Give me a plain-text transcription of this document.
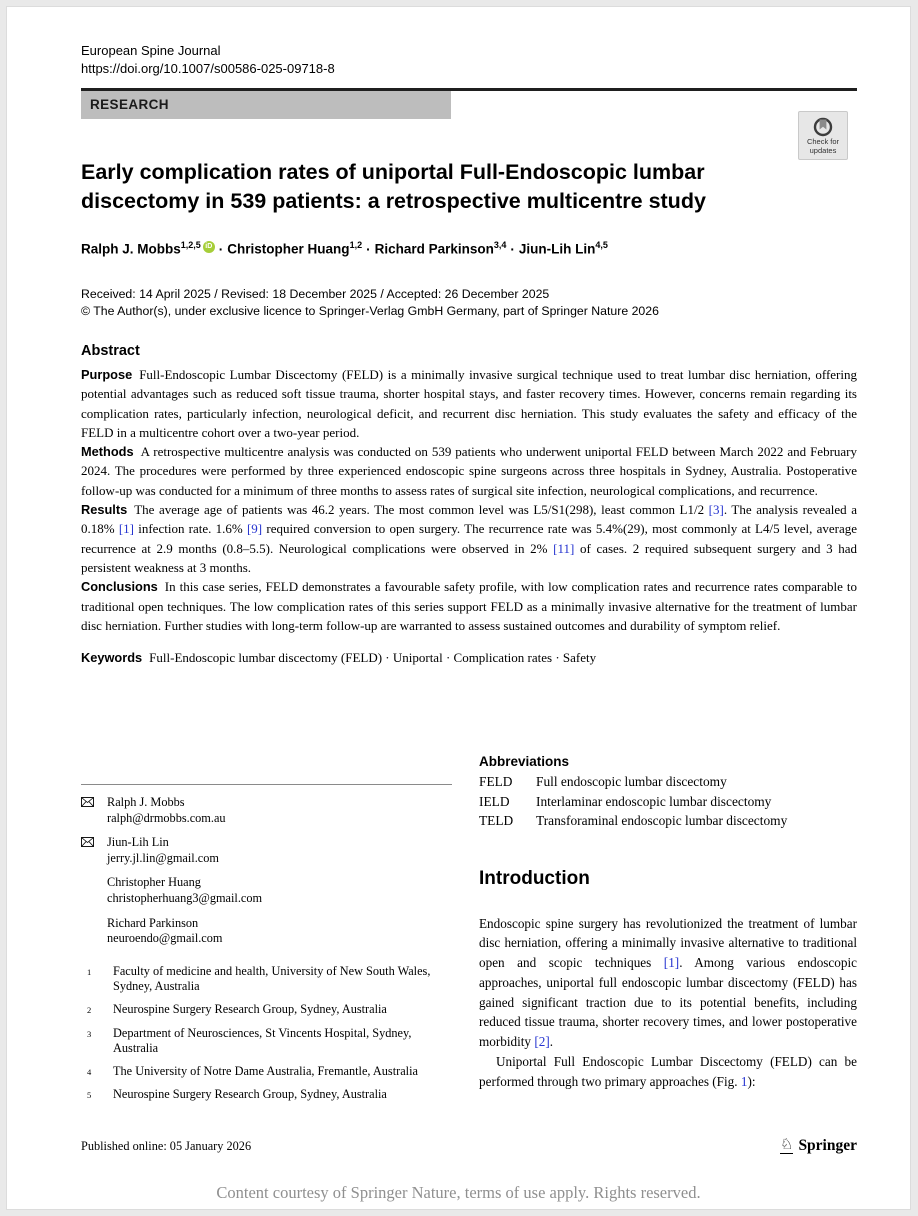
European Spine Journal
https://doi.org/10.1007/s00586-025-09718-8
RESEARCH
Check for
updates
Early complication rates of uniportal Full-Endoscopic lumbar discectomy in 539 patients: a retrospective multicentre study
Ralph J. Mobbs$^{1,2,5}$ iD · Christopher Huang$^{1,2}$ · Richard Parkinson$^{3,4}$ · Jiun-Lih Lin$^{4,5}$
Received: 14 April 2025 / Revised: 18 December 2025 / Accepted: 26 December 2025
© The Author(s), under exclusive licence to Springer-Verlag GmbH Germany, part of Springer Nature 2026
Abstract

Purpose Full-Endoscopic Lumbar Discectomy (FELD) is a minimally invasive surgical technique used to treat lumbar disc herniation, offering potential advantages such as reduced soft tissue trauma, shorter hospital stays, and faster recovery times. However, concerns remain regarding its complication rates, particularly infection, neurological deficit, and recurrent disc herniation. This study evaluates the safety and efficacy of the FELD in a multicentre cohort over a two-year period.

Methods A retrospective multicentre analysis was conducted on 539 patients who underwent uniportal FELD between March 2022 and February 2024. The procedures were performed by three experienced endoscopic spine surgeons across three hospitals in Sydney, Australia. Postoperative follow-up was conducted for a minimum of three months to assess rates of surgical site infection, neurological complications, and recurrence.

Results The average age of patients was 46.2 years. The most common level was L5/S1(298), least common L1/2 [3]. The analysis revealed a 0.18% [1] infection rate. 1.6% [9] required conversion to open surgery. The recurrence rate was 5.4%(29), most commonly at L4/5 level, average recurrence at 2.9 months (0.8–5.5). Neurological complications were observed in 2% [11] of cases. 2 required subsequent surgery and 3 had persistent weakness at 3 months.

Conclusions In this case series, FELD demonstrates a favourable safety profile, with low complication rates and recurrence rates comparable to traditional open techniques. The low complication rates of this series support FELD as a minimally invasive alternative for the treatment of lumbar disc herniation. Further studies with long-term follow-up are warranted to assess sustained outcomes and durability of symptom relief.

Keywords Full-Endoscopic lumbar discectomy (FELD) · Uniportal · Complication rates · Safety
Ralph J. Mobbs
ralph@drmobbs.com.au
Jiun-Lih Lin
jerry.jl.lin@gmail.com
Christopher Huang
christopherhuang3@gmail.com
Richard Parkinson
neuroendo@gmail.com
1	Faculty of medicine and health, University of New South Wales, Sydney, Australia
2	Neurospine Surgery Research Group, Sydney, Australia
3	Department of Neurosciences, St Vincents Hospital, Sydney, Australia
4	The University of Notre Dame Australia, Fremantle, Australia
5	Neurospine Surgery Research Group, Sydney, Australia
Abbreviations
FELD	Full endoscopic lumbar discectomy
IELD	Interlaminar endoscopic lumbar discectomy
TELD	Transforaminal endoscopic lumbar discectomy
Introduction

Endoscopic spine surgery has revolutionized the treatment of lumbar disc herniation, offering a minimally invasive alternative to traditional open and scopic techniques [1]. Among various endoscopic approaches, uniportal full endoscopic lumbar discectomy (FELD) has gained significant traction due to its potential benefits, including reduced tissue trauma, shorter recovery times, and lower postoperative morbidity [2].

Uniportal Full Endoscopic Lumbar Discectomy (FELD) can be performed through two primary approaches (Fig. 1):

Published online: 05 January 2026	♘ Springer
Content courtesy of Springer Nature, terms of use apply. Rights reserved.
